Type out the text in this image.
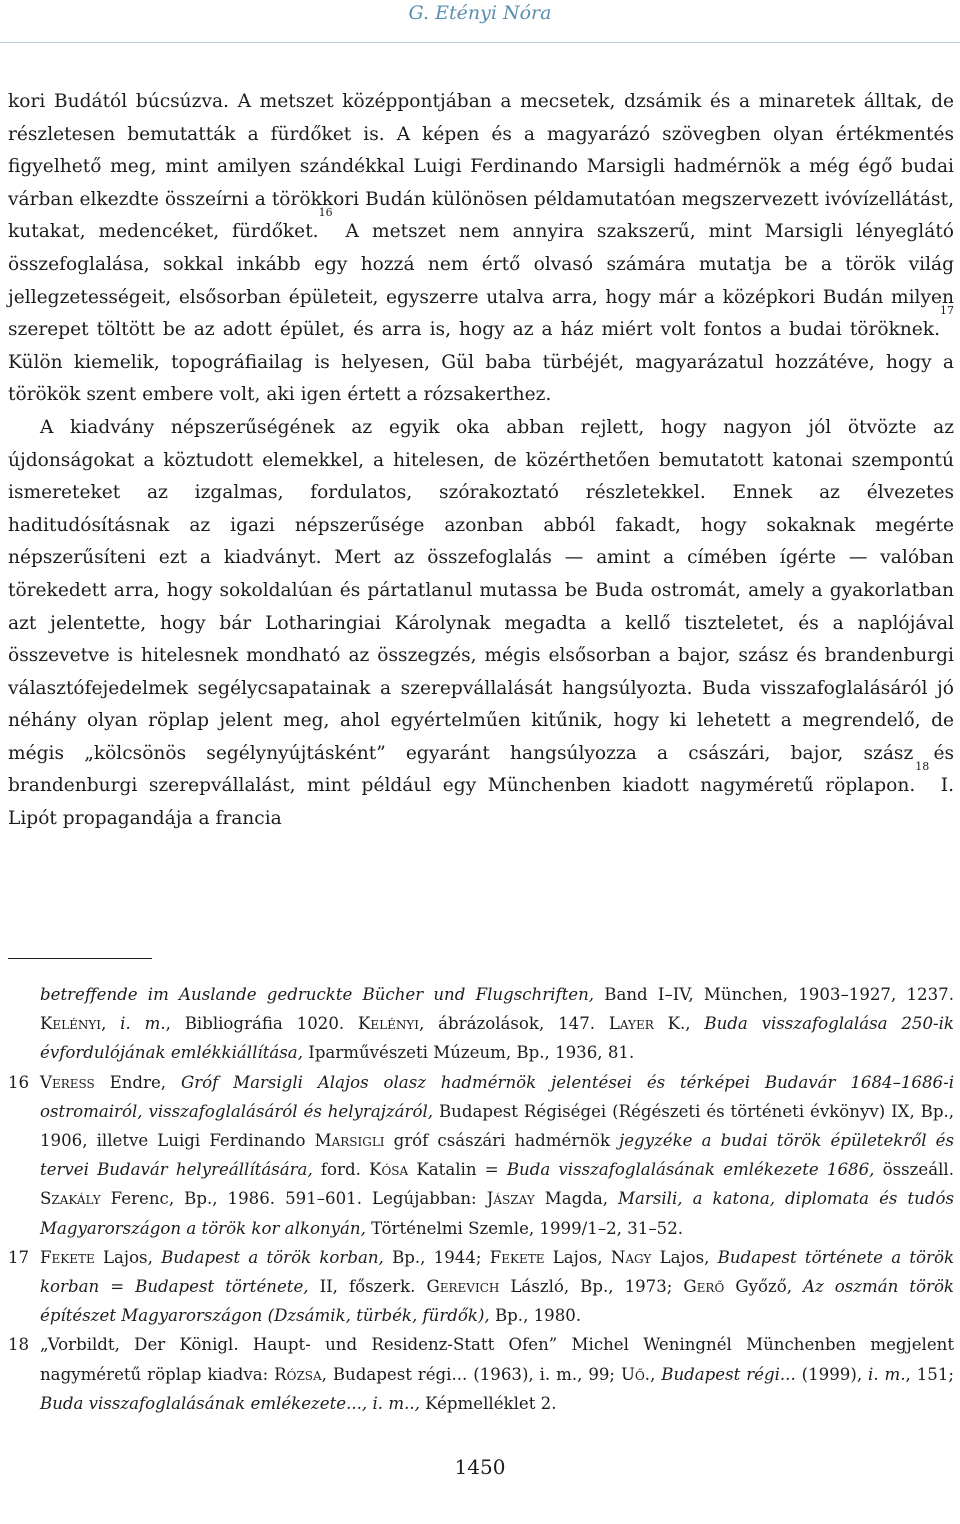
G. Etényi Nóra

kori Budától búcsúzva. A metszet középpontjában a mecsetek, dzsámik és a minaretek álltak, de részletesen bemutatták a fürdőket is. A képen és a magyarázó szövegben olyan értékmentés figyelhető meg, mint amilyen szándékkal Luigi Ferdinando Marsigli hadmérnök a még égő budai várban elkezdte összeírni a törökkori Budán különösen példamutatóan megszervezett ivóvízellátást, kutakat, medencéket, fürdőket.$^{16}$ A metszet nem annyira szakszerű, mint Marsigli lényeglátó összefoglalása, sokkal inkább egy hozzá nem értő olvasó számára mutatja be a török világ jellegzetességeit, elsősorban épületeit, egyszerre utalva arra, hogy már a középkori Budán milyen szerepet töltött be az adott épület, és arra is, hogy az a ház miért volt fontos a budai töröknek.$^{17}$ Külön kiemelik, topográfiailag is helyesen, Gül baba türbéjét, magyarázatul hozzátéve, hogy a törökök szent embere volt, aki igen értett a rózsakerthez.

A kiadvány népszerűségének az egyik oka abban rejlett, hogy nagyon jól ötvözte az újdonságokat a köztudott elemekkel, a hitelesen, de közérthetően bemutatott katonai szempontú ismereteket az izgalmas, fordulatos, szórakoztató részletekkel. Ennek az élvezetes haditudósításnak az igazi népszerűsége azonban abból fakadt, hogy sokaknak megérte népszerűsíteni ezt a kiadványt. Mert az összefoglalás — amint a címében ígérte — valóban törekedett arra, hogy sokoldalúan és pártatlanul mutassa be Buda ostromát, amely a gyakorlatban azt jelentette, hogy bár Lotharingiai Károlynak megadta a kellő tiszteletet, és a naplójával összevetve is hitelesnek mondható az összegzés, mégis elsősorban a bajor, szász és brandenburgi választófejedelmek segélycsapatainak a szerepvállalását hangsúlyozta. Buda visszafoglalásáról jó néhány olyan röplap jelent meg, ahol egyértelműen kitűnik, hogy ki lehetett a megrendelő, de mégis „kölcsönös segélynyújtásként” egyaránt hangsúlyozza a császári, bajor, szász és brandenburgi szerepvállalást, mint például egy Münchenben kiadott nagyméretű röplapon.$^{18}$ I. Lipót propagandája a francia

betreffende im Auslande gedruckte Bücher und Flugschriften, Band I–IV, München, 1903–1927, 1237. Kelényi, i. m., Bibliográfia 1020. Kelényi, ábrázolások, 147. Layer K., Buda visszafoglalása 250-ik évfordulójának emlékkiállítása, Iparművészeti Múzeum, Bp., 1936, 81.
16 Veress Endre, Gróf Marsigli Alajos olasz hadmérnök jelentései és térképei Budavár 1684–1686-i ostromairól, visszafoglalásáról és helyrajzáról, Budapest Régiségei (Régészeti és történeti évkönyv) IX, Bp., 1906, illetve Luigi Ferdinando Marsigli gróf császári hadmérnök jegyzéke a budai török épületekről és tervei Budavár helyreállítására, ford. Kósa Katalin = Buda visszafoglalásának emlékezete 1686, összeáll. Szakály Ferenc, Bp., 1986. 591–601. Legújabban: Jászay Magda, Marsili, a katona, diplomata és tudós Magyarországon a török kor alkonyán, Történelmi Szemle, 1999/1–2, 31–52.
17 Fekete Lajos, Budapest a török korban, Bp., 1944; Fekete Lajos, Nagy Lajos, Budapest története a török korban = Budapest története, II, főszerk. Gerevich László, Bp., 1973; Gerő Győző, Az oszmán török építészet Magyarországon (Dzsámik, türbék, fürdők), Bp., 1980.
18 „Vorbildt, Der Königl. Haupt- und Residenz-Statt Ofen” Michel Weningnél Münchenben megjelent nagyméretű röplap kiadva: Rózsa, Budapest régi... (1963), i. m., 99; Uő., Budapest régi... (1999), i. m., 151; Buda visszafoglalásának emlékezete..., i. m.., Képmelléklet 2.
1450
